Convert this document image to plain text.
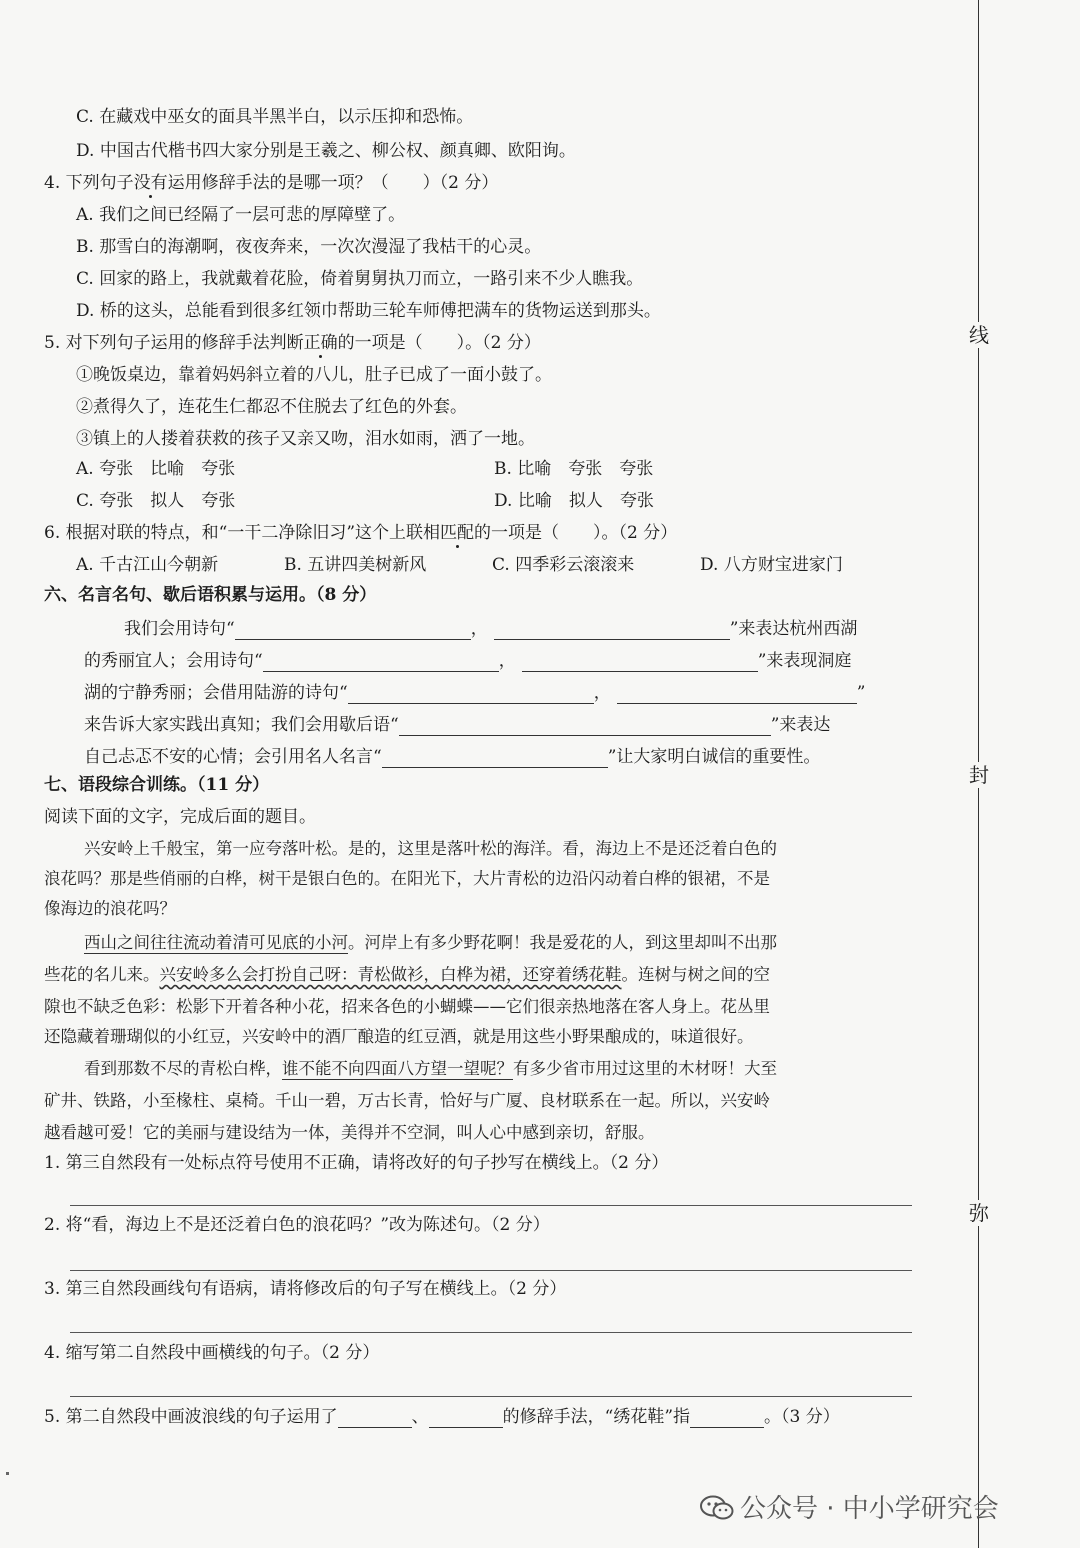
线
封
弥
C. 在藏戏中巫女的面具半黑半白，以示压抑和恐怖。
D. 中国古代楷书四大家分别是王羲之、柳公权、颜真卿、欧阳询。
4. 下列句子没有运用修辞手法的是哪一项？（　　）（2 分）
A. 我们之间已经隔了一层可悲的厚障壁了。
B. 那雪白的海潮啊，夜夜奔来，一次次漫湿了我枯干的心灵。
C. 回家的路上，我就戴着花脸，倚着舅舅执刀而立，一路引来不少人瞧我。
D. 桥的这头，总能看到很多红领巾帮助三轮车师傅把满车的货物运送到那头。
5. 对下列句子运用的修辞手法判断正确的一项是（　　）。（2 分）
①晚饭桌边，靠着妈妈斜立着的八儿，肚子已成了一面小鼓了。
②煮得久了，连花生仁都忍不住脱去了红色的外套。
③镇上的人搂着获救的孩子又亲又吻，泪水如雨，洒了一地。
A. 夸张　比喻　夸张	B. 比喻　夸张　夸张
C. 夸张　拟人　夸张	D. 比喻　拟人　夸张
6. 根据对联的特点，和“一干二净除旧习”这个上联相匹配的一项是（　　）。（2 分）
A. 千古江山今朝新	B. 五讲四美树新风	C. 四季彩云滚滚来	D. 八方财宝进家门
六、名言名句、歇后语积累与运用。（8 分）
我们会用诗句“	，	”来表达杭州西湖
的秀丽宜人；会用诗句“	，	”来表现洞庭
湖的宁静秀丽；会借用陆游的诗句“	，	”
来告诉大家实践出真知；我们会用歇后语“	”来表达
自己忐忑不安的心情；会引用名人名言“	”让大家明白诚信的重要性。
七、语段综合训练。（11 分）
阅读下面的文字，完成后面的题目。
兴安岭上千般宝，第一应夸落叶松。是的，这里是落叶松的海洋。看，海边上不是还泛着白色的
浪花吗？那是些俏丽的白桦，树干是银白色的。在阳光下，大片青松的边沿闪动着白桦的银裙，不是
像海边的浪花吗？
西山之间往往流动着清可见底的小河。河岸上有多少野花啊！我是爱花的人，到这里却叫不出那
些花的名儿来。兴安岭多么会打扮自己呀：青松做衫，白桦为裙，还穿着绣花鞋。连树与树之间的空
隙也不缺乏色彩：松影下开着各种小花，招来各色的小蝴蝶——它们很亲热地落在客人身上。花丛里
还隐藏着珊瑚似的小红豆，兴安岭中的酒厂酿造的红豆酒，就是用这些小野果酿成的，味道很好。
看到那数不尽的青松白桦，谁不能不向四面八方望一望呢？有多少省市用过这里的木材呀！大至
矿井、铁路，小至椽柱、桌椅。千山一碧，万古长青，恰好与广厦、良材联系在一起。所以，兴安岭
越看越可爱！它的美丽与建设结为一体，美得并不空洞，叫人心中感到亲切，舒服。
1. 第三自然段有一处标点符号使用不正确，请将改好的句子抄写在横线上。（2 分）
2. 将“看，海边上不是还泛着白色的浪花吗？”改为陈述句。（2 分）
3. 第三自然段画线句有语病，请将修改后的句子写在横线上。（2 分）
4. 缩写第二自然段中画横线的句子。（2 分）
5. 第二自然段中画波浪线的句子运用了	、	的修辞手法，“绣花鞋”指	。（3 分）
公众号 · 中小学研究会
